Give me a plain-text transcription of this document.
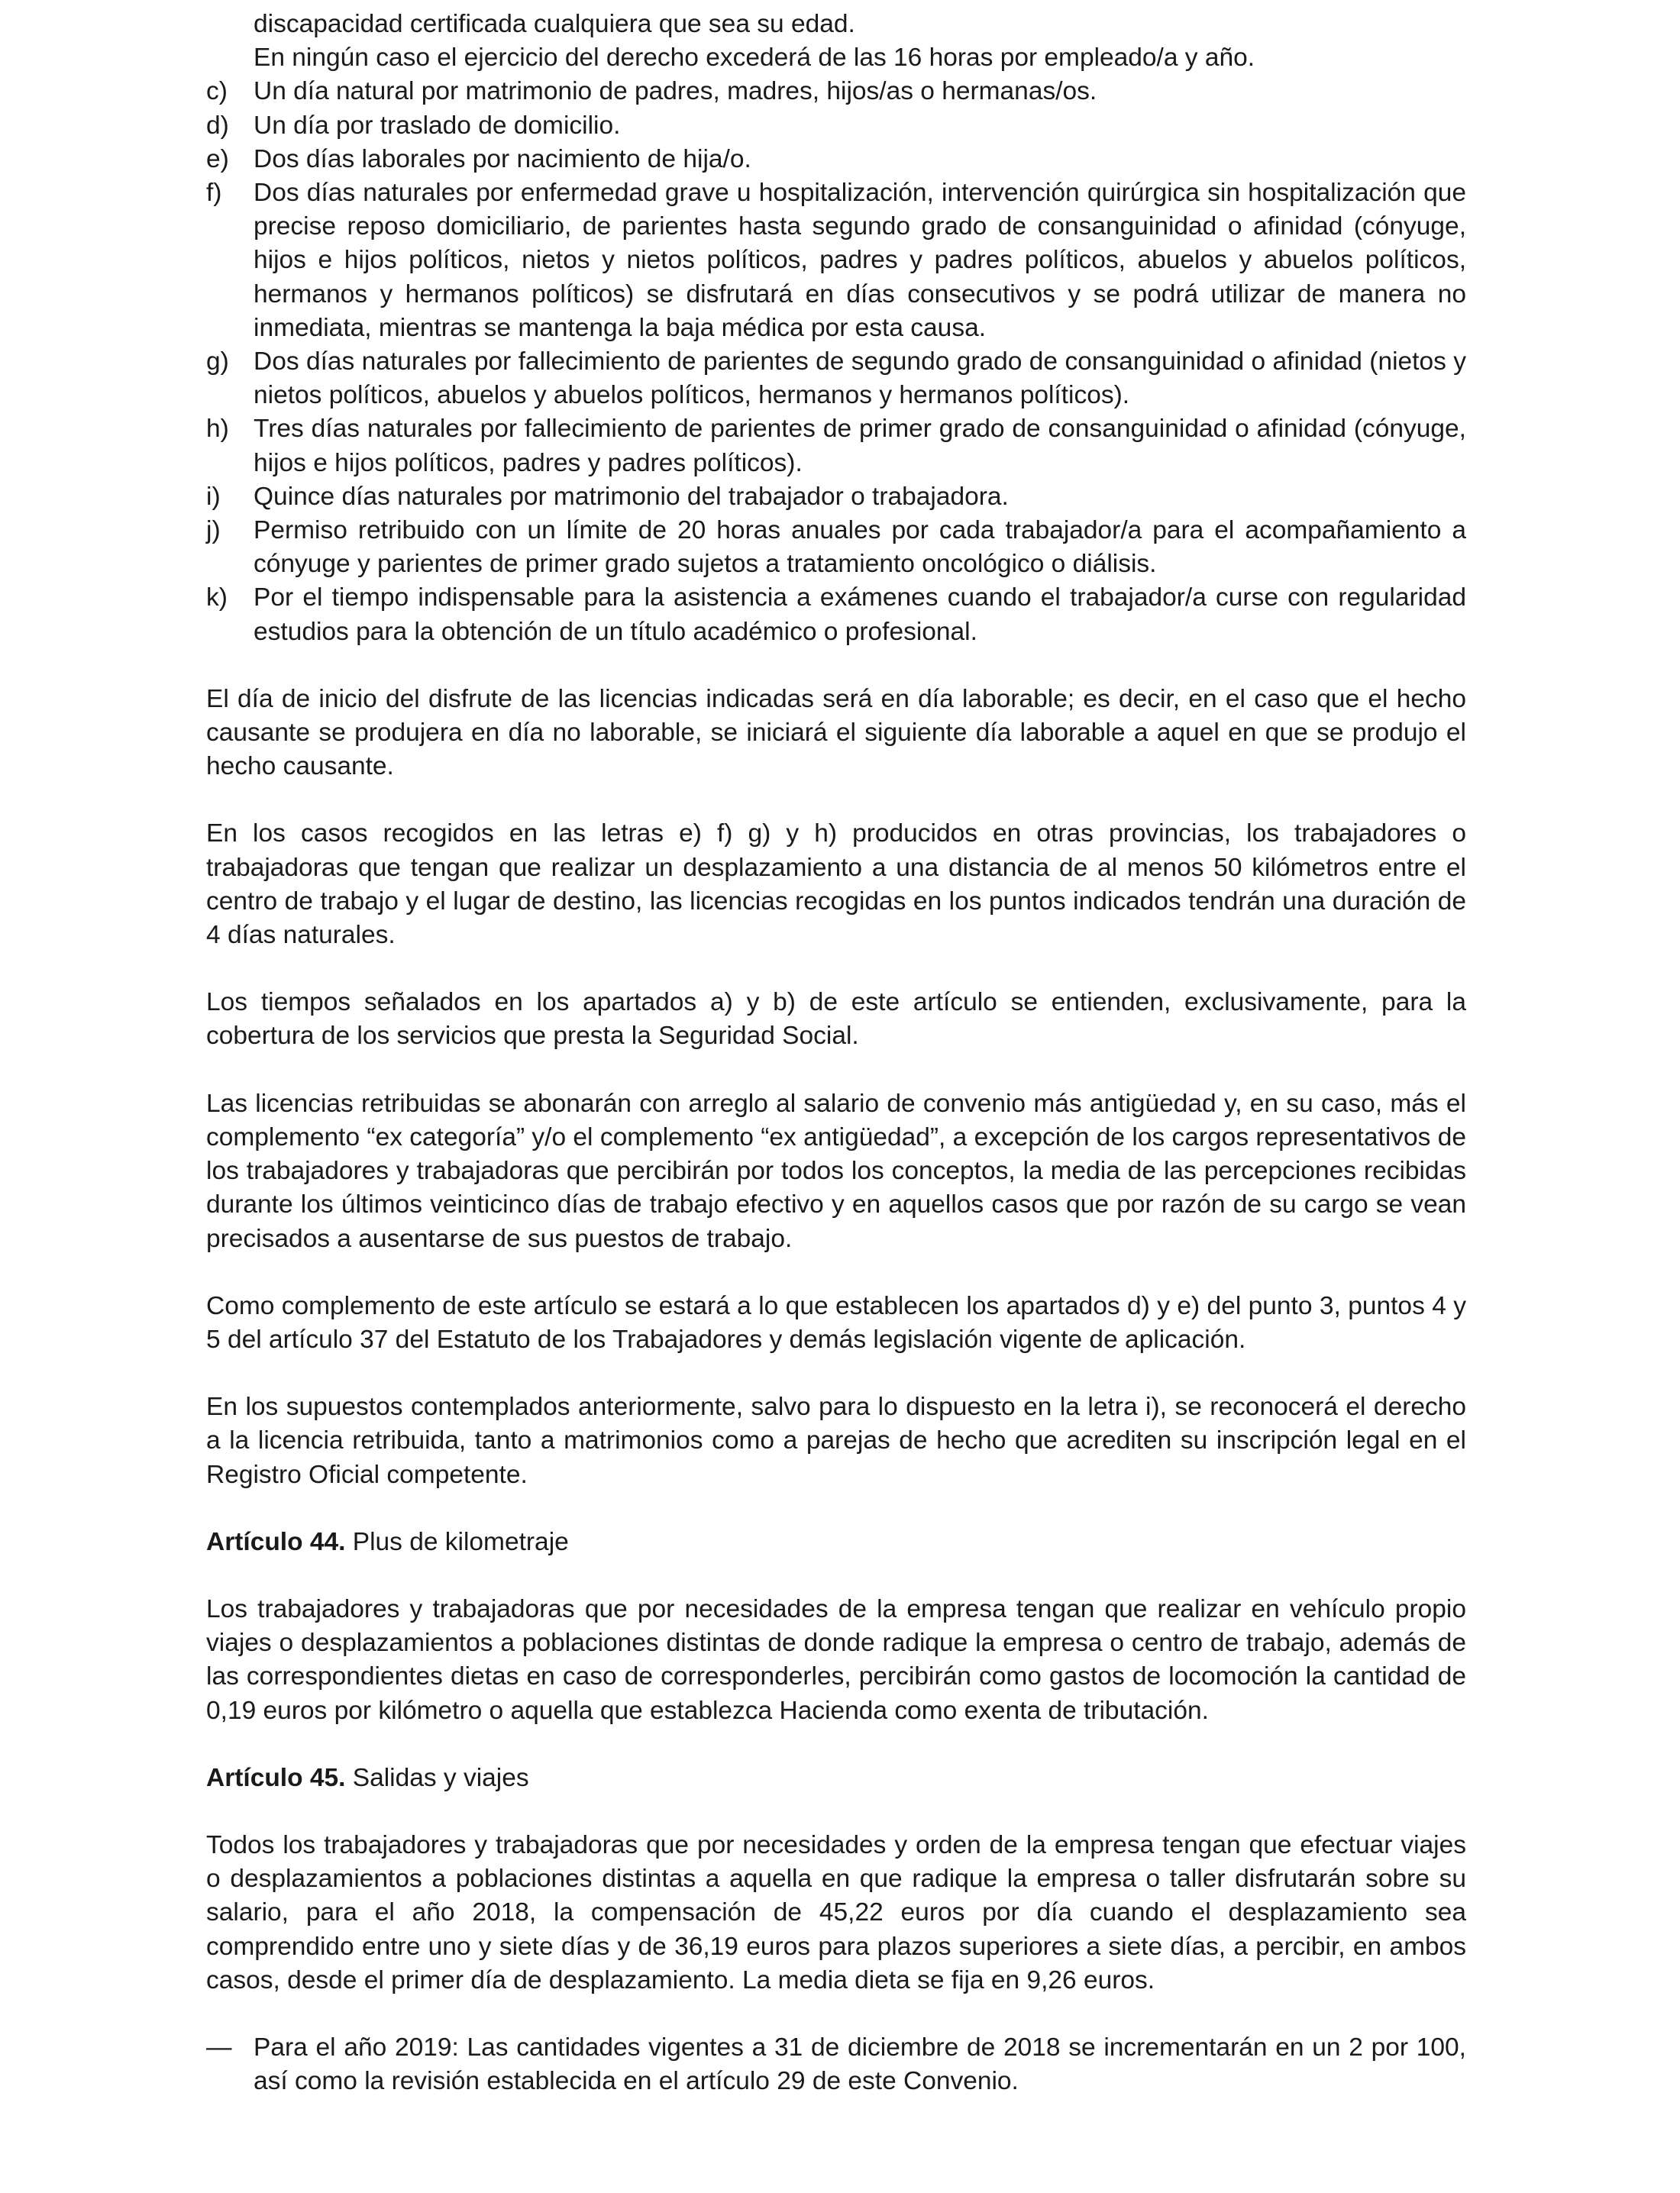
discapacidad certificada cualquiera que sea su edad.

En ningún caso el ejercicio del derecho excederá de las 16 horas por empleado/a y año.

c)	Un día natural por matrimonio de padres, madres, hijos/as o hermanas/os.

d) Un día por traslado de domicilio.

e) Dos días laborales por nacimiento de hija/o.

f)	Dos días naturales por enfermedad grave u hospitalización, intervención quirúrgica sin hospitalización que precise reposo domiciliario, de parientes hasta segundo grado de consanguinidad o afinidad (cónyuge, hijos e hijos políticos, nietos y nietos políticos, padres y padres políticos, abuelos y abuelos políticos, hermanos y hermanos políticos) se disfrutará en días consecutivos y se podrá utilizar de manera no inmediata, mientras se mantenga la baja médica por esta causa.

g) Dos días naturales por fallecimiento de parientes de segundo grado de consanguinidad o afinidad (nietos y nietos políticos, abuelos y abuelos políticos, hermanos y hermanos políticos).

h) Tres días naturales por fallecimiento de parientes de primer grado de consanguinidad o afinidad (cónyuge, hijos e hijos políticos, padres y padres políticos).

i)	Quince días naturales por matrimonio del trabajador o trabajadora.

j)	Permiso retribuido con un límite de 20 horas anuales por cada trabajador/a para el acompañamiento a cónyuge y parientes de primer grado sujetos a tratamiento oncológico o diálisis.

k)	Por el tiempo indispensable para la asistencia a exámenes cuando el trabajador/a curse con regularidad estudios para la obtención de un título académico o profesional.

El día de inicio del disfrute de las licencias indicadas será en día laborable; es decir, en el caso que el hecho causante se produjera en día no laborable, se iniciará el siguiente día laborable a aquel en que se produjo el hecho causante.

En los casos recogidos en las letras e) f) g) y h) producidos en otras provincias, los trabajadores o trabajadoras que tengan que realizar un desplazamiento a una distancia de al menos 50 kilómetros entre el centro de trabajo y el lugar de destino, las licencias recogidas en los puntos indicados tendrán una duración de 4 días naturales.

Los tiempos señalados en los apartados a) y b) de este artículo se entienden, exclusivamente, para la cobertura de los servicios que presta la Seguridad Social.

Las licencias retribuidas se abonarán con arreglo al salario de convenio más antigüedad y, en su caso, más el complemento “ex categoría” y/o el complemento “ex antigüedad”, a excepción de los cargos representativos de los trabajadores y trabajadoras que percibirán por todos los conceptos, la media de las percepciones recibidas durante los últimos veinticinco días de trabajo efectivo y en aquellos casos que por razón de su cargo se vean precisados a ausentarse de sus puestos de trabajo.

Como complemento de este artículo se estará a lo que establecen los apartados d) y e) del punto 3, puntos 4 y 5 del artículo 37 del Estatuto de los Trabajadores y demás legislación vigente de aplicación.

En los supuestos contemplados anteriormente, salvo para lo dispuesto en la letra i), se reconocerá el derecho a la licencia retribuida, tanto a matrimonios como a parejas de hecho que acrediten su inscripción legal en el Registro Oficial competente.

Artículo 44. Plus de kilometraje

Los trabajadores y trabajadoras que por necesidades de la empresa tengan que realizar en vehículo propio viajes o desplazamientos a poblaciones distintas de donde radique la empresa o centro de trabajo, además de las correspondientes dietas en caso de corresponderles, percibirán como gastos de locomoción la cantidad de 0,19 euros por kilómetro o aquella que establezca Hacienda como exenta de tributación.

Artículo 45. Salidas y viajes

Todos los trabajadores y trabajadoras que por necesidades y orden de la empresa tengan que efectuar viajes o desplazamientos a poblaciones distintas a aquella en que radique la empresa o taller disfrutarán sobre su salario, para el año 2018, la compensación de 45,22 euros por día cuando el desplazamiento sea comprendido entre uno y siete días y de 36,19 euros para plazos superiores a siete días, a percibir, en ambos casos, desde el primer día de desplazamiento. La media dieta se fija en 9,26 euros.

— Para el año 2019: Las cantidades vigentes a 31 de diciembre de 2018 se incrementarán en un 2 por 100, así como la revisión establecida en el artículo 29 de este Convenio.
